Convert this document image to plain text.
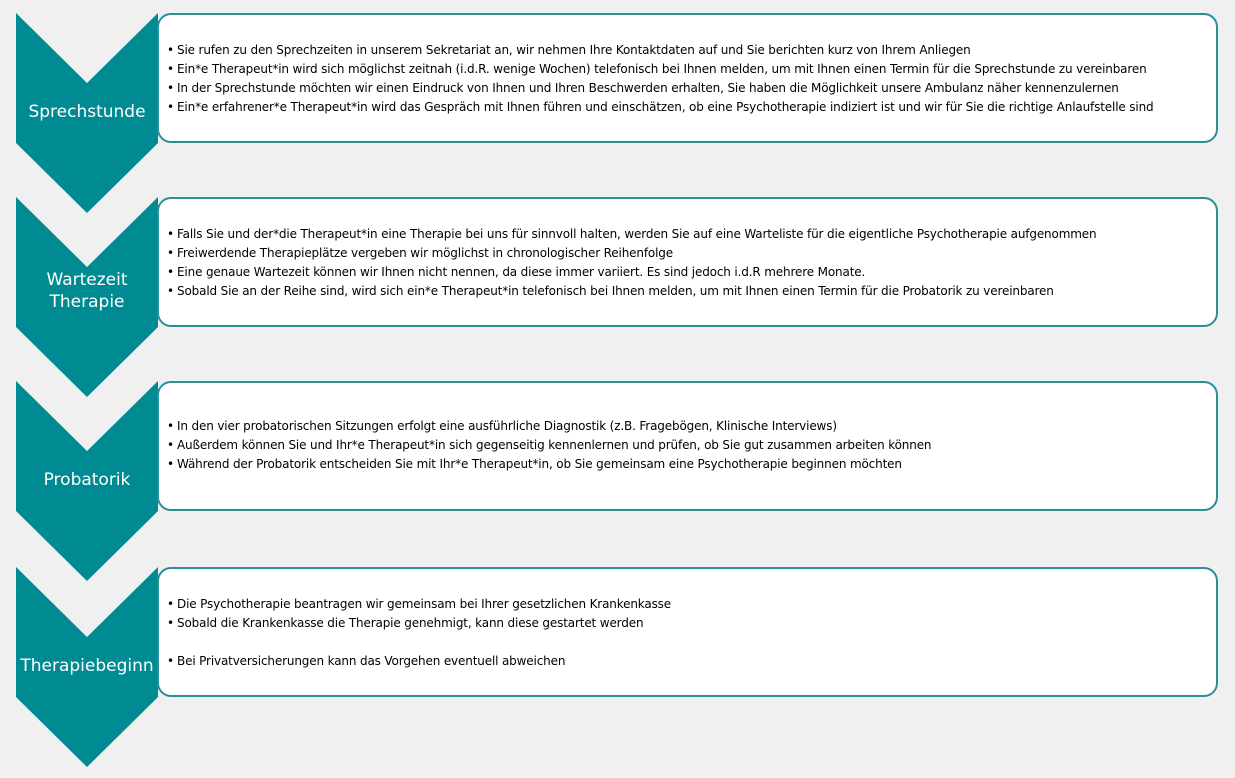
Sprechstunde
• Sie rufen zu den Sprechzeiten in unserem Sekretariat an, wir nehmen Ihre Kontaktdaten auf und Sie berichten kurz von Ihrem Anliegen
• Ein*e Therapeut*in wird sich möglichst zeitnah (i.d.R. wenige Wochen) telefonisch bei Ihnen melden, um mit Ihnen einen Termin für die Sprechstunde zu vereinbaren
• In der Sprechstunde möchten wir einen Eindruck von Ihnen und Ihren Beschwerden erhalten, Sie haben die Möglichkeit unsere Ambulanz näher kennenzulernen
• Ein*e erfahrener*e Therapeut*in wird das Gespräch mit Ihnen führen und einschätzen, ob eine Psychotherapie indiziert ist und wir für Sie die richtige Anlaufstelle sind
Wartezeit
Therapie
• Falls Sie und der*die Therapeut*in eine Therapie bei uns für sinnvoll halten, werden Sie auf eine Warteliste für die eigentliche Psychotherapie aufgenommen
• Freiwerdende Therapieplätze vergeben wir möglichst in chronologischer Reihenfolge
• Eine genaue Wartezeit können wir Ihnen nicht nennen, da diese immer variiert. Es sind jedoch i.d.R mehrere Monate.
• Sobald Sie an der Reihe sind, wird sich ein*e Therapeut*in telefonisch bei Ihnen melden, um mit Ihnen einen Termin für die Probatorik zu vereinbaren
Probatorik
• In den vier probatorischen Sitzungen erfolgt eine ausführliche Diagnostik (z.B. Fragebögen, Klinische Interviews)
• Außerdem können Sie und Ihr*e Therapeut*in sich gegenseitig kennenlernen und prüfen, ob Sie gut zusammen arbeiten können
• Während der Probatorik entscheiden Sie mit Ihr*e Therapeut*in, ob Sie gemeinsam eine Psychotherapie beginnen möchten
Therapiebeginn
• Die Psychotherapie beantragen wir gemeinsam bei Ihrer gesetzlichen Krankenkasse
• Sobald die Krankenkasse die Therapie genehmigt, kann diese gestartet werden
• Bei Privatversicherungen kann das Vorgehen eventuell abweichen
